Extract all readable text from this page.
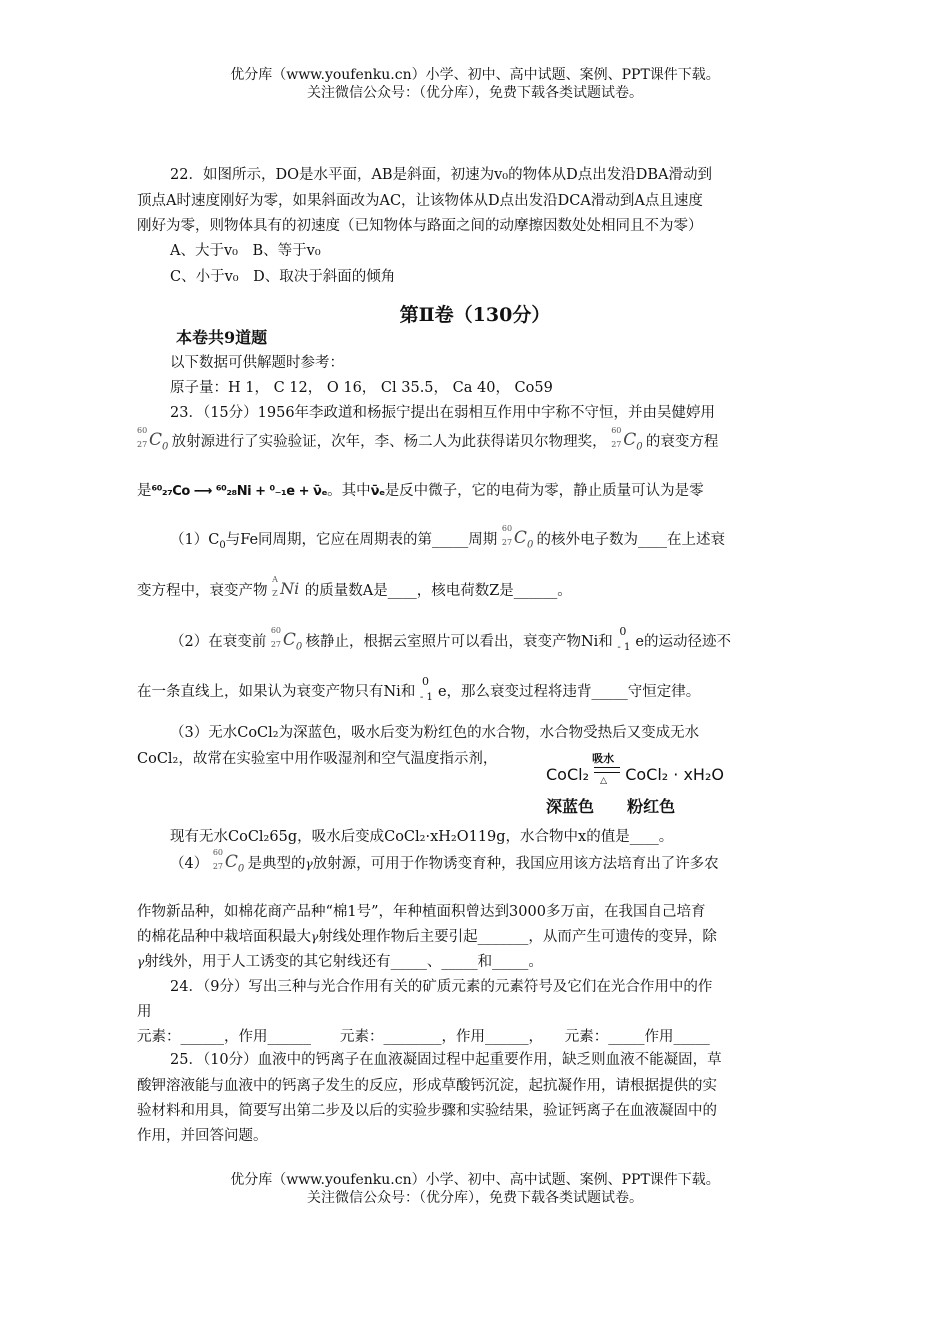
优分库（www.youfenku.cn）小学、初中、高中试题、案例、PPT课件下载。
关注微信公众号：（优分库），免费下载各类试题试卷。
22．如图所示，DO是水平面，AB是斜面，初速为v₀的物体从D点出发沿DBA滑动到
顶点A时速度刚好为零，如果斜面改为AC，让该物体从D点出发沿DCA滑动到A点且速度
刚好为零，则物体具有的初速度（已知物体与路面之间的动摩擦因数处处相同且不为零）
A、大于v₀　B、等于v₀
C、小于v₀　D、取决于斜面的倾角
第Ⅱ卷（130分）
本卷共9道题
以下数据可供解题时参考：
原子量：H 1， C 12， O 16， Cl 35.5， Ca 40， Co59
23．（15分）1956年李政道和杨振宁提出在弱相互作用中宇称不守恒，并由吴健婷用
60
27 $C_0$ 放射源进行了实验验证，次年，李、杨二人为此获得诺贝尔物理奖，
60
27 $C_0$ 的衰变方程
是⁶⁰₂₇Co ⟶ ⁶⁰₂₈Ni + ⁰₋₁e + ν̄ₑ。其中ν̄ₑ是反中微子，它的电荷为零，静止质量可认为是零
$(1)C_0$与Fe同周期，它应在周期表的第_____周期
60
27 $C_0$ 的核外电子数为____在上述衰
变方程中，衰变产物
A
Z Ni 的质量数A是____，核电荷数Z是______。
（2）在衰变前
60
27 $C_0$ 核静止，根据云室照片可以看出，衰变产物Ni和
0
- 1 e的运动径迹不
在一条直线上，如果认为衰变产物只有Ni和
0
- 1 e，那么衰变过程将违背_____守恒定律。
（3）无水CoCl₂为深蓝色，吸水后变为粉红色的水合物，水合物受热后又变成无水
CoCl₂，故常在实验室中用作吸湿剂和空气温度指示剂，
CoCl₂
吸水
△ CoCl₂ · xH₂O
深蓝色 粉红色
现有无水CoCl₂65g，吸水后变成CoCl₂·xH₂O119g，水合物中x的值是____。
（4）
60
27 $C_0$ 是典型的γ放射源，可用于作物诱变育种，我国应用该方法培育出了许多农
作物新品种，如棉花商产品种“棉1号”，年种植面积曾达到3000多万亩，在我国自己培育
的棉花品种中栽培面积最大γ射线处理作物后主要引起_______，从而产生可遗传的变异，除
γ射线外，用于人工诱变的其它射线还有_____、_____和_____。
24．（9分）写出三种与光合作用有关的矿质元素的元素符号及它们在光合作用中的作
用
元素：______，作用______　　元素：________，作用______，　　元素：_____作用_____
25．（10分）血液中的钙离子在血液凝固过程中起重要作用，缺乏则血液不能凝固，草
酸钾溶液能与血液中的钙离子发生的反应，形成草酸钙沉淀，起抗凝作用，请根据提供的实
验材料和用具，简要写出第二步及以后的实验步骤和实验结果，验证钙离子在血液凝固中的
作用，并回答问题。
优分库（www.youfenku.cn）小学、初中、高中试题、案例、PPT课件下载。
关注微信公众号：（优分库），免费下载各类试题试卷。
